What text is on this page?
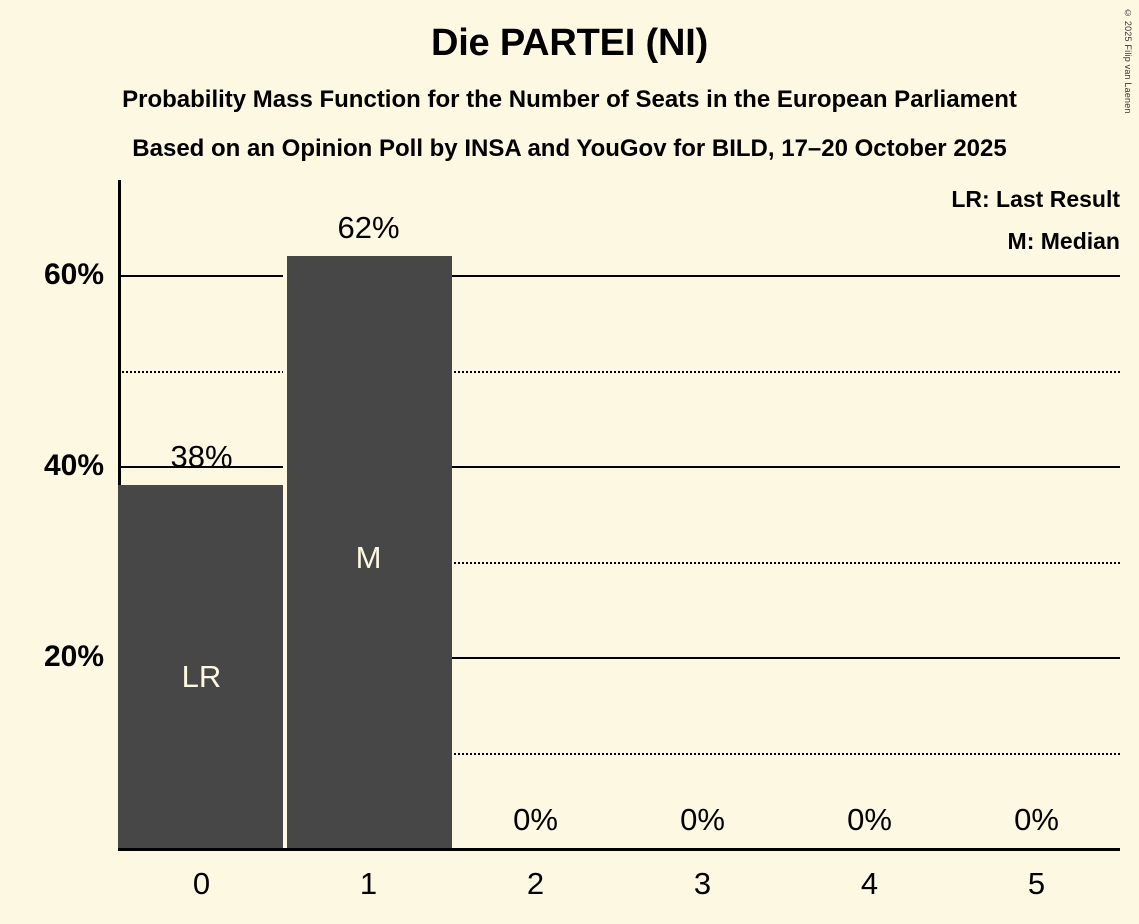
© 2025 Filip van Laenen
Die PARTEI (NI)
Probability Mass Function for the Number of Seats in the European Parliament
Based on an Opinion Poll by INSA and YouGov for BILD, 17–20 October 2025
LR: Last Result
M: Median
LR
38%
M
62%
0%	0%	0%	0%
20%
40%
60%
0	1	2	3	4	5
